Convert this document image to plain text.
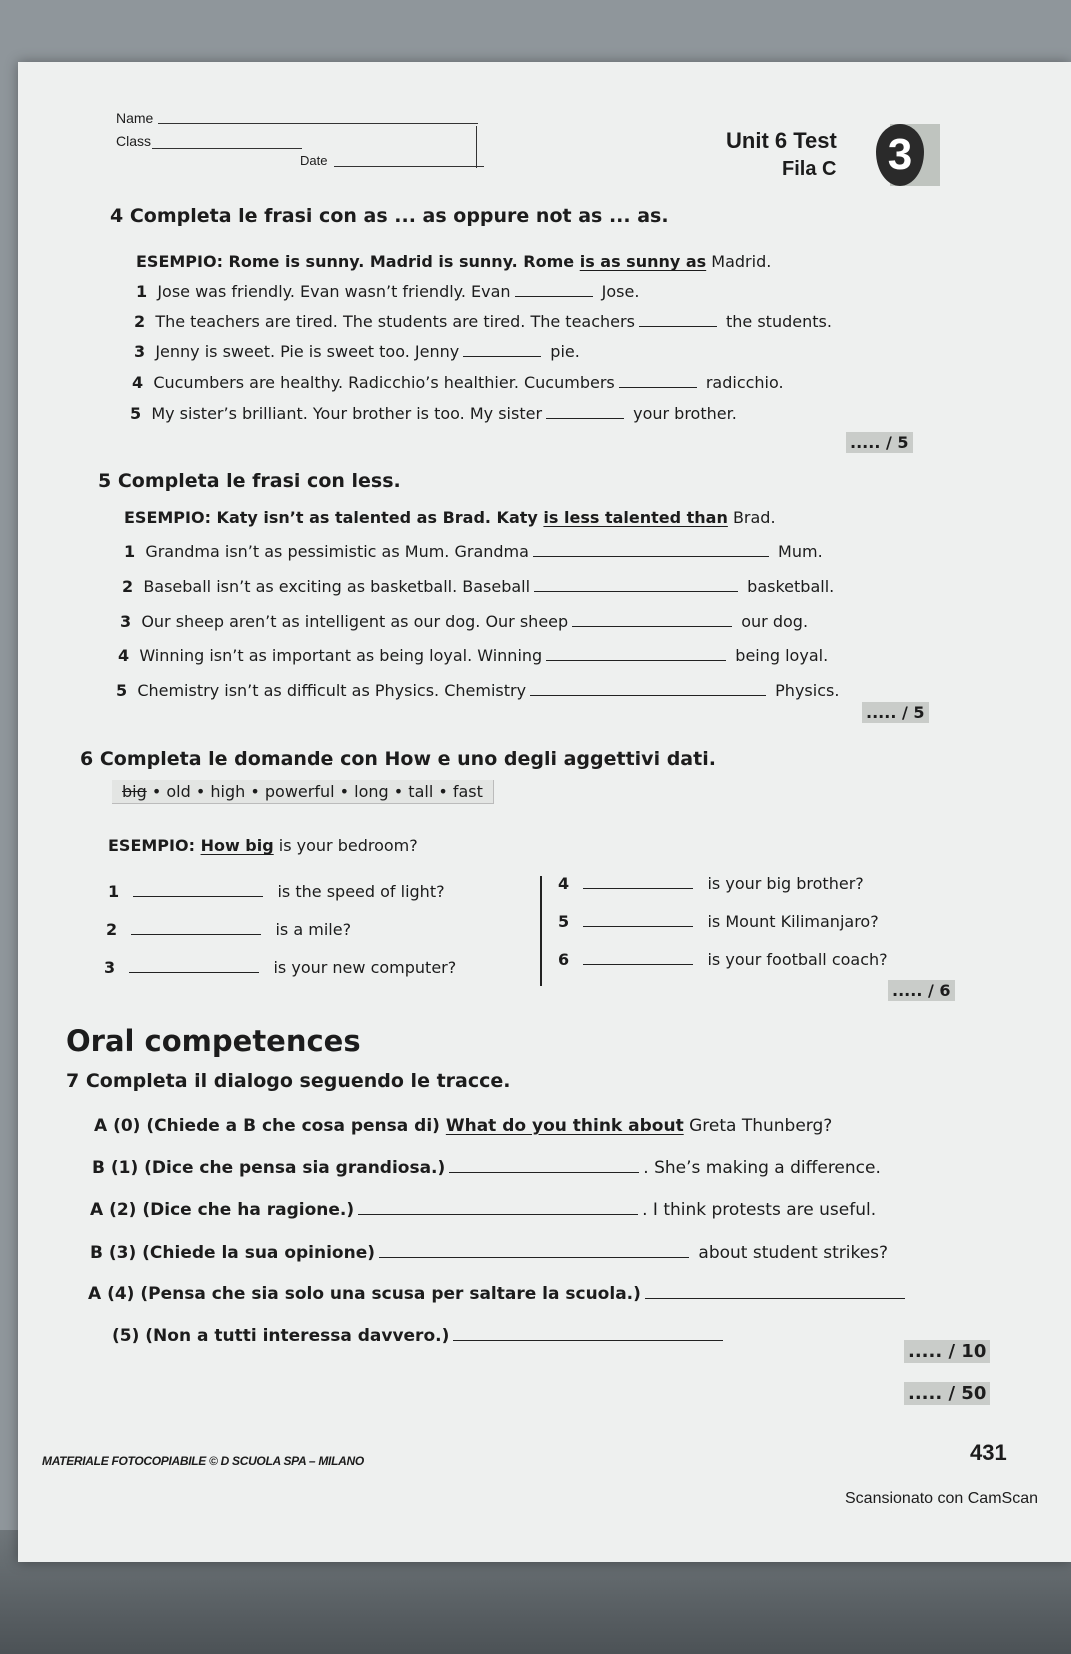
Name
Class
Date
Unit 6 Test
Fila C 3
4 Completa le frasi con as ... as oppure not as ... as.
ESEMPIO: Rome is sunny. Madrid is sunny. Rome is as sunny as Madrid.
1 Jose was friendly. Evan wasn’t friendly. Evan	Jose.
2 The teachers are tired. The students are tired. The teachers	the students.
3 Jenny is sweet. Pie is sweet too. Jenny	pie.
4 Cucumbers are healthy. Radicchio’s healthier. Cucumbers	radicchio.
5 My sister’s brilliant. Your brother is too. My sister	your brother.
..... / 5
5 Completa le frasi con less.
ESEMPIO: Katy isn’t as talented as Brad. Katy is less talented than Brad.
1 Grandma isn’t as pessimistic as Mum. Grandma	Mum.
2 Baseball isn’t as exciting as basketball. Baseball	basketball.
3 Our sheep aren’t as intelligent as our dog. Our sheep	our dog.
4 Winning isn’t as important as being loyal. Winning	being loyal.
5 Chemistry isn’t as difficult as Physics. Chemistry	Physics.
..... / 5
6 Completa le domande con How e uno degli aggettivi dati.
big • old • high • powerful • long • tall • fast
ESEMPIO: How big is your bedroom?
1	is the speed of light?
2	is a mile?
3	is your new computer?
4	is your big brother?
5	is Mount Kilimanjaro?
6	is your football coach?
..... / 6
Oral competences
7 Completa il dialogo seguendo le tracce.
A (0) (Chiede a B che cosa pensa di) What do you think about Greta Thunberg?
B (1) (Dice che pensa sia grandiosa.)	. She’s making a difference.
A (2) (Dice che ha ragione.)	. I think protests are useful.
B (3) (Chiede la sua opinione)	about student strikes?
A (4) (Pensa che sia solo una scusa per saltare la scuola.)
(5) (Non a tutti interessa davvero.)
..... / 10
..... / 50
MATERIALE FOTOCOPIABILE © D SCUOLA SPA – MILANO	431
Scansionato con CamScan
